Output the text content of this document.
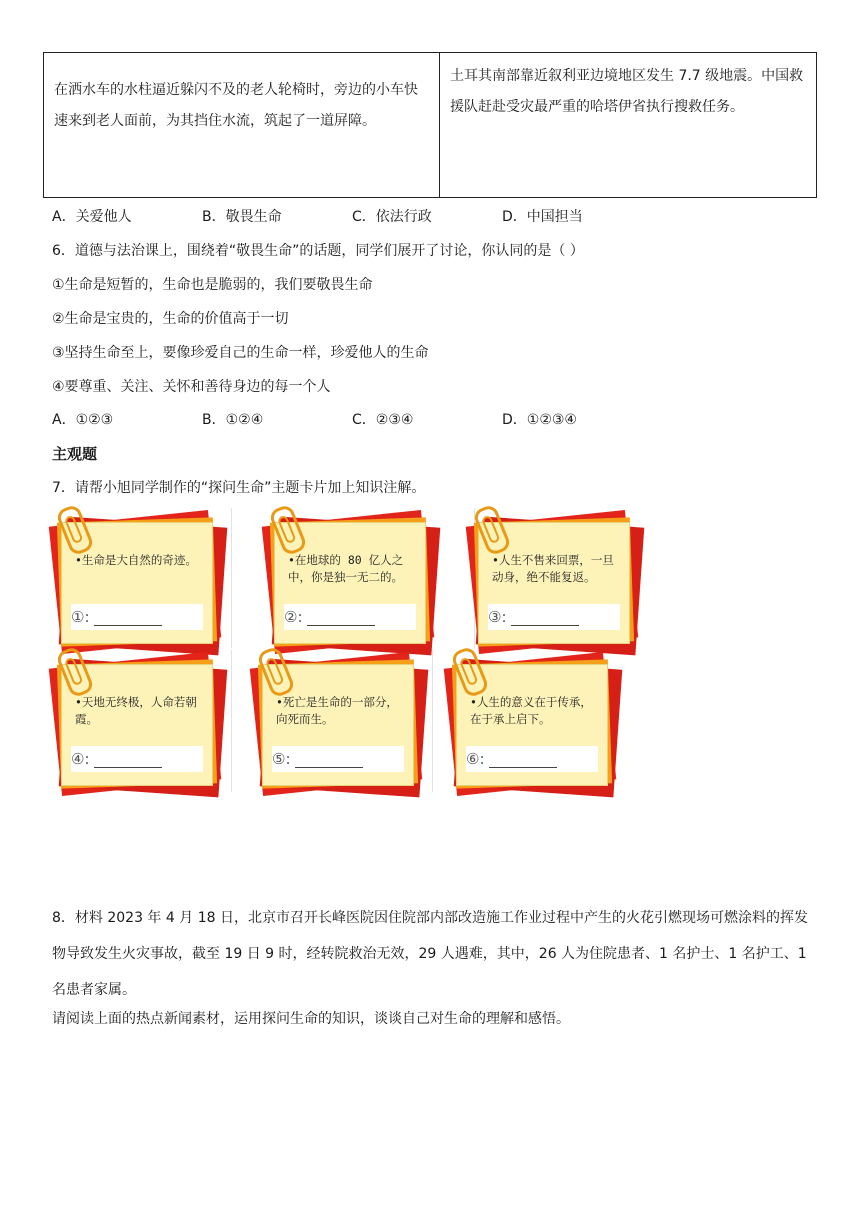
在洒水车的水柱逼近躲闪不及的老人轮椅时，旁边的小车快速来到老人面前，为其挡住水流，筑起了一道屏障。	土耳其南部靠近叙利亚边境地区发生 7.7 级地震。中国救援队赶赴受灾最严重的哈塔伊省执行搜救任务。
A．关爱他人	B．敬畏生命	C．依法行政	D．中国担当
6．道德与法治课上，围绕着“敬畏生命”的话题，同学们展开了讨论，你认同的是（ ）
①生命是短暂的，生命也是脆弱的，我们要敬畏生命
②生命是宝贵的，生命的价值高于一切
③坚持生命至上，要像珍爱自己的生命一样，珍爱他人的生命
④要尊重、关注、关怀和善待身边的每一个人
A．①②③	B．①②④	C．②③④	D．①②③④
主观题
7．请帮小旭同学制作的“探问生命”主题卡片加上知识注解。
•生命是大自然的奇迹。
①:
•在地球的 80 亿人之中，你是独一无二的。
②:
•人生不售来回票，一旦动身，绝不能复返。
③:
•天地无终极，人命若朝霞。
④:
•死亡是生命的一部分，向死而生。
⑤:
•人生的意义在于传承，在于承上启下。
⑥:
8．材料 2023 年 4 月 18 日，北京市召开长峰医院因住院部内部改造施工作业过程中产生的火花引燃现场可燃涂料的挥发物导致发生火灾事故，截至 19 日 9 时，经转院救治无效，29 人遇难，其中，26 人为住院患者、1 名护士、1 名护工、1 名患者家属。
请阅读上面的热点新闻素材，运用探问生命的知识，谈谈自己对生命的理解和感悟。
